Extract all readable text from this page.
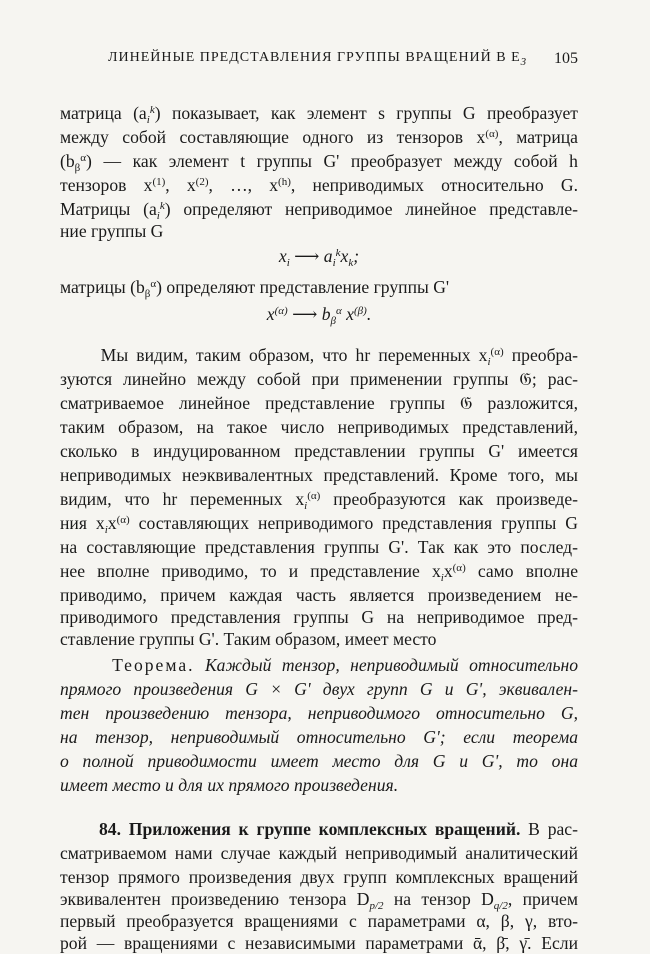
ЛИНЕЙНЫЕ ПРЕДСТАВЛЕНИЯ ГРУППЫ ВРАЩЕНИЙ В $E_3$ 105
матрица $(a_i^k)$ показывает, как элемент s группы G преобразует
между собой составляющие одного из тензоров $x^{(\alpha)}$, матрица
$(b_\beta^\alpha)$ — как элемент t группы G' преобразует между собой h
тензоров $x^{(1)}$, $x^{(2)}$, …, $x^{(h)}$, неприводимых относительно G.
Матрицы $(a_i^k)$ определяют неприводимое линейное представле-
ние группы G
$x_i$ ⟶ $a_i^kx_k$;
матрицы $(b_\beta^\alpha)$ определяют представление группы G'
$x^{(\alpha)}$ ⟶ $b_\beta^\alpha$ $x^{(\beta)}$.
Мы видим, таким образом, что hr переменных $x_i^{(\alpha)}$ преобра-
зуются линейно между собой при применении группы 𝔊; рас-
сматриваемое линейное представление группы 𝔊 разложится,
таким образом, на такое число неприводимых представлений,
сколько в индуцированном представлении группы G' имеется
неприводимых неэквивалентных представлений. Кроме того, мы
видим, что hr переменных $x_i^{(\alpha)}$ преобразуются как произведе-
ния $x_ix^{(\alpha)}$ составляющих неприводимого представления группы G
на составляющие представления группы G'. Так как это послед-
нее вполне приводимо, то и представление $x_ix^{(\alpha)}$ само вполне
приводимо, причем каждая часть является произведением не-
приводимого представления группы G на неприводимое пред-
ставление группы G'. Таким образом, имеет место
Теорема. Каждый тензор, неприводимый относительно
прямого произведения G × G' двух групп G и G', эквивален-
тен произведению тензора, неприводимого относительно G,
на тензор, неприводимый относительно G'; если теорема
о полной приводимости имеет место для G и G', то она
имеет место и для их прямого произведения.
84. Приложения к группе комплексных вращений. В рас-
сматриваемом нами случае каждый неприводимый аналитический
тензор прямого произведения двух групп комплексных вращений
эквивалентен произведению тензора $D_{p/2}$ на тензор $D_{q/2}$, причем
первый преобразуется вращениями с параметрами α, β, γ, вто-
рой — вращениями с независимыми параметрами ᾱ, β̄, γ̄. Если
